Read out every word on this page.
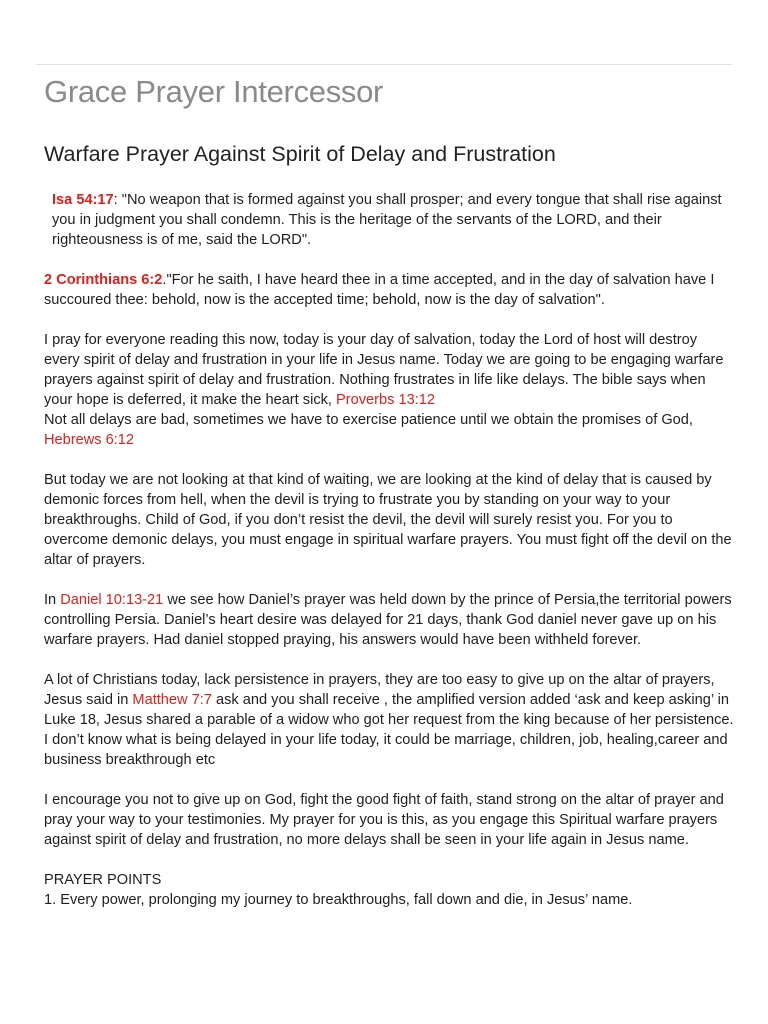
Grace Prayer Intercessor
Warfare Prayer Against Spirit of Delay and Frustration

Isa 54:17: "No weapon that is formed against you shall prosper; and every tongue that shall rise against you in judgment you shall condemn. This is the heritage of the servants of the LORD, and their righteousness is of me, said the LORD".

2 Corinthians 6:2."For he saith, I have heard thee in a time accepted, and in the day of salvation have I succoured thee: behold, now is the accepted time; behold, now is the day of salvation".

I pray for everyone reading this now, today is your day of salvation, today the Lord of host will destroy every spirit of delay and frustration in your life in Jesus name. Today we are going to be engaging warfare prayers against spirit of delay and frustration. Nothing frustrates in life like delays. The bible says when your hope is deferred, it make the heart sick, Proverbs 13:12
Not all delays are bad, sometimes we have to exercise patience until we obtain the promises of God, Hebrews 6:12

But today we are not looking at that kind of waiting, we are looking at the kind of delay that is caused by demonic forces from hell, when the devil is trying to frustrate you by standing on your way to your breakthroughs. Child of God, if you don’t resist the devil, the devil will surely resist you. For you to overcome demonic delays, you must engage in spiritual warfare prayers. You must fight off the devil on the altar of prayers.

In Daniel 10:13-21 we see how Daniel’s prayer was held down by the prince of Persia,the territorial powers controlling Persia. Daniel’s heart desire was delayed for 21 days, thank God daniel never gave up on his warfare prayers. Had daniel stopped praying, his answers would have been withheld forever.

A lot of Christians today, lack persistence in prayers, they are too easy to give up on the altar of prayers, Jesus said in Matthew 7:7 ask and you shall receive , the amplified version added ‘ask and keep asking’ in Luke 18, Jesus shared a parable of a widow who got her request from the king because of her persistence. I don’t know what is being delayed in your life today, it could be marriage, children, job, healing,career and business breakthrough etc

I encourage you not to give up on God, fight the good fight of faith, stand strong on the altar of prayer and pray your way to your testimonies. My prayer for you is this, as you engage this Spiritual warfare prayers against spirit of delay and frustration, no more delays shall be seen in your life again in Jesus name.

PRAYER POINTS
1. Every power, prolonging my journey to breakthroughs, fall down and die, in Jesus’ name.
